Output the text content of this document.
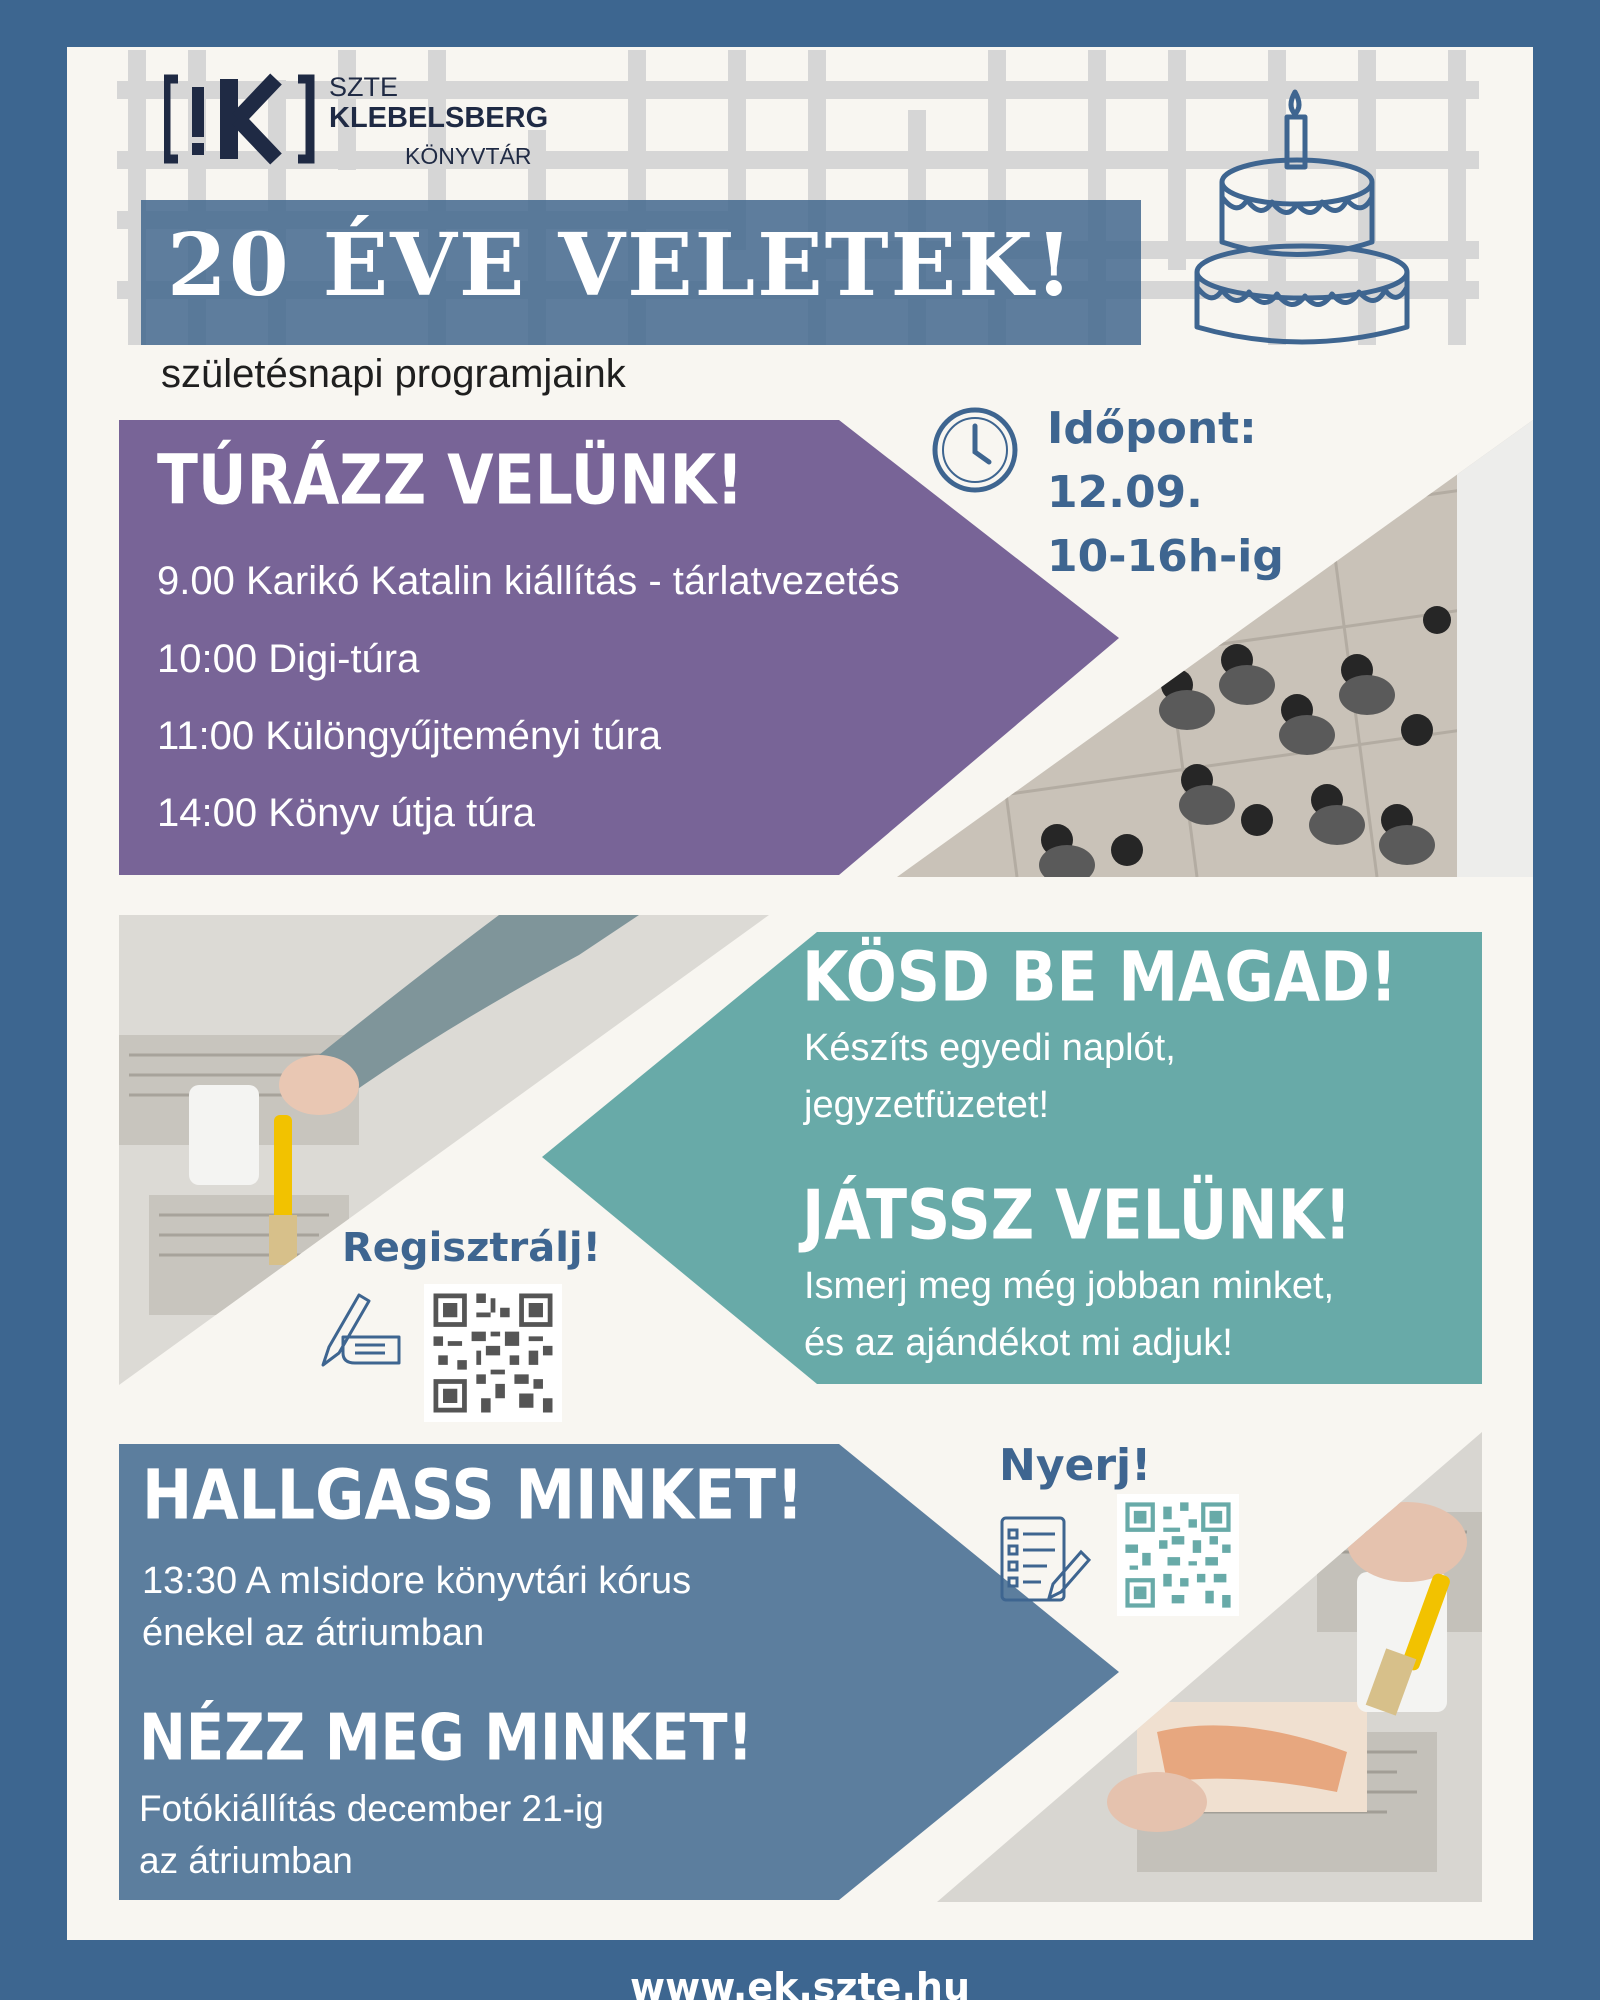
SZTE
KLEBELSBERG
KÖNYVTÁR
20 ÉVE VELETEK!
születésnapi programjaink
TÚRÁZZ VELÜNK!
9.00 Karikó Katalin kiállítás - tárlatvezetés
10:00 Digi-túra
11:00 Különgyűjteményi túra
14:00 Könyv útja túra
Időpont:
12.09.
10-16h-ig
KÖSD BE MAGAD!
Készíts egyedi naplót,
jegyzetfüzetet!
JÁTSSZ VELÜNK!
Ismerj meg még jobban minket,
és az ajándékot mi adjuk!
Regisztrálj!
HALLGASS MINKET!
13:30 A mIsidore könyvtári kórus
énekel az átriumban
NÉZZ MEG MINKET!
Fotókiállítás december 21-ig
az átriumban
Nyerj!
www.ek.szte.hu
